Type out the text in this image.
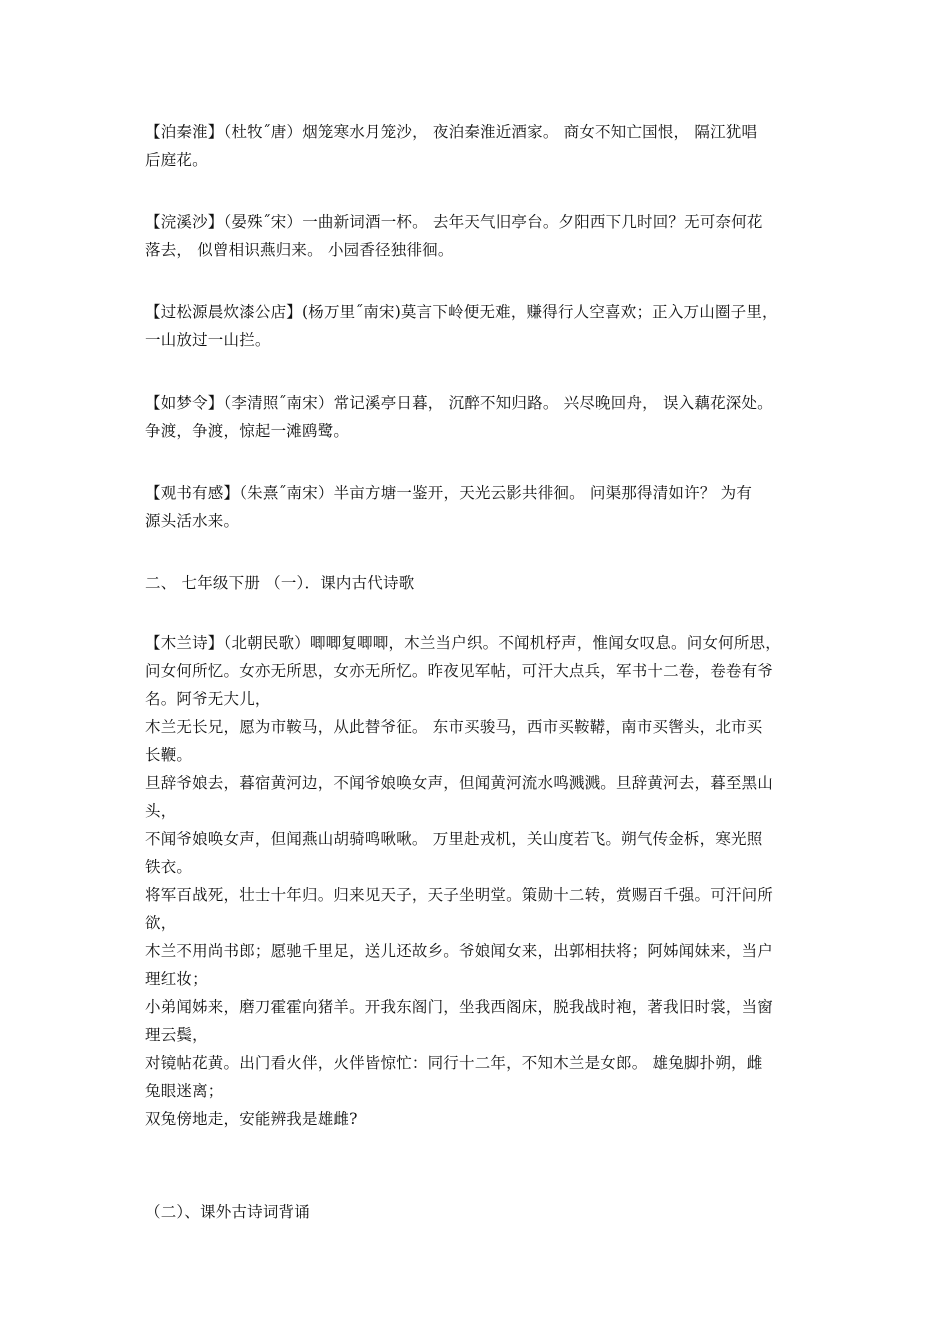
【泊秦淮】（杜牧˝唐）烟笼寒水月笼沙， 夜泊秦淮近酒家。 商女不知亡国恨， 隔江犹唱
后庭花。
【浣溪沙】（晏殊˝宋）一曲新词酒一杯。 去年天气旧亭台。夕阳西下几时回？无可奈何花
落去， 似曾相识燕归来。 小园香径独徘徊。
【过松源晨炊漆公店】(杨万里˝南宋)莫言下岭便无难，赚得行人空喜欢；正入万山圈子里，
一山放过一山拦。
【如梦令】（李清照˝南宋）常记溪亭日暮， 沉醉不知归路。 兴尽晚回舟， 误入藕花深处。
争渡，争渡，惊起一滩鸥鹭。
【观书有感】（朱熹˝南宋）半亩方塘一鉴开，天光云影共徘徊。 问渠那得清如许？ 为有
源头活水来。
二、 七年级下册 （一）．课内古代诗歌
【木兰诗】（北朝民歌）唧唧复唧唧，木兰当户织。不闻机杼声，惟闻女叹息。问女何所思，
问女何所忆。女亦无所思，女亦无所忆。昨夜见军帖，可汗大点兵，军书十二卷，卷卷有爷
名。阿爷无大儿，
木兰无长兄，愿为市鞍马，从此替爷征。 东市买骏马，西市买鞍鞯，南市买辔头，北市买
长鞭。
旦辞爷娘去，暮宿黄河边，不闻爷娘唤女声，但闻黄河流水鸣溅溅。旦辞黄河去，暮至黑山
头，
不闻爷娘唤女声，但闻燕山胡骑鸣啾啾。 万里赴戎机，关山度若飞。朔气传金柝，寒光照
铁衣。
将军百战死，壮士十年归。归来见天子，天子坐明堂。策勋十二转，赏赐百千强。可汗问所
欲，
木兰不用尚书郎；愿驰千里足，送儿还故乡。爷娘闻女来，出郭相扶将；阿姊闻妹来，当户
理红妆；
小弟闻姊来，磨刀霍霍向猪羊。开我东阁门，坐我西阁床，脱我战时袍，著我旧时裳，当窗
理云鬓，
对镜帖花黄。出门看火伴，火伴皆惊忙：同行十二年，不知木兰是女郎。 雄兔脚扑朔，雌
兔眼迷离；
双兔傍地走，安能辨我是雄雌?
（二）、课外古诗词背诵
